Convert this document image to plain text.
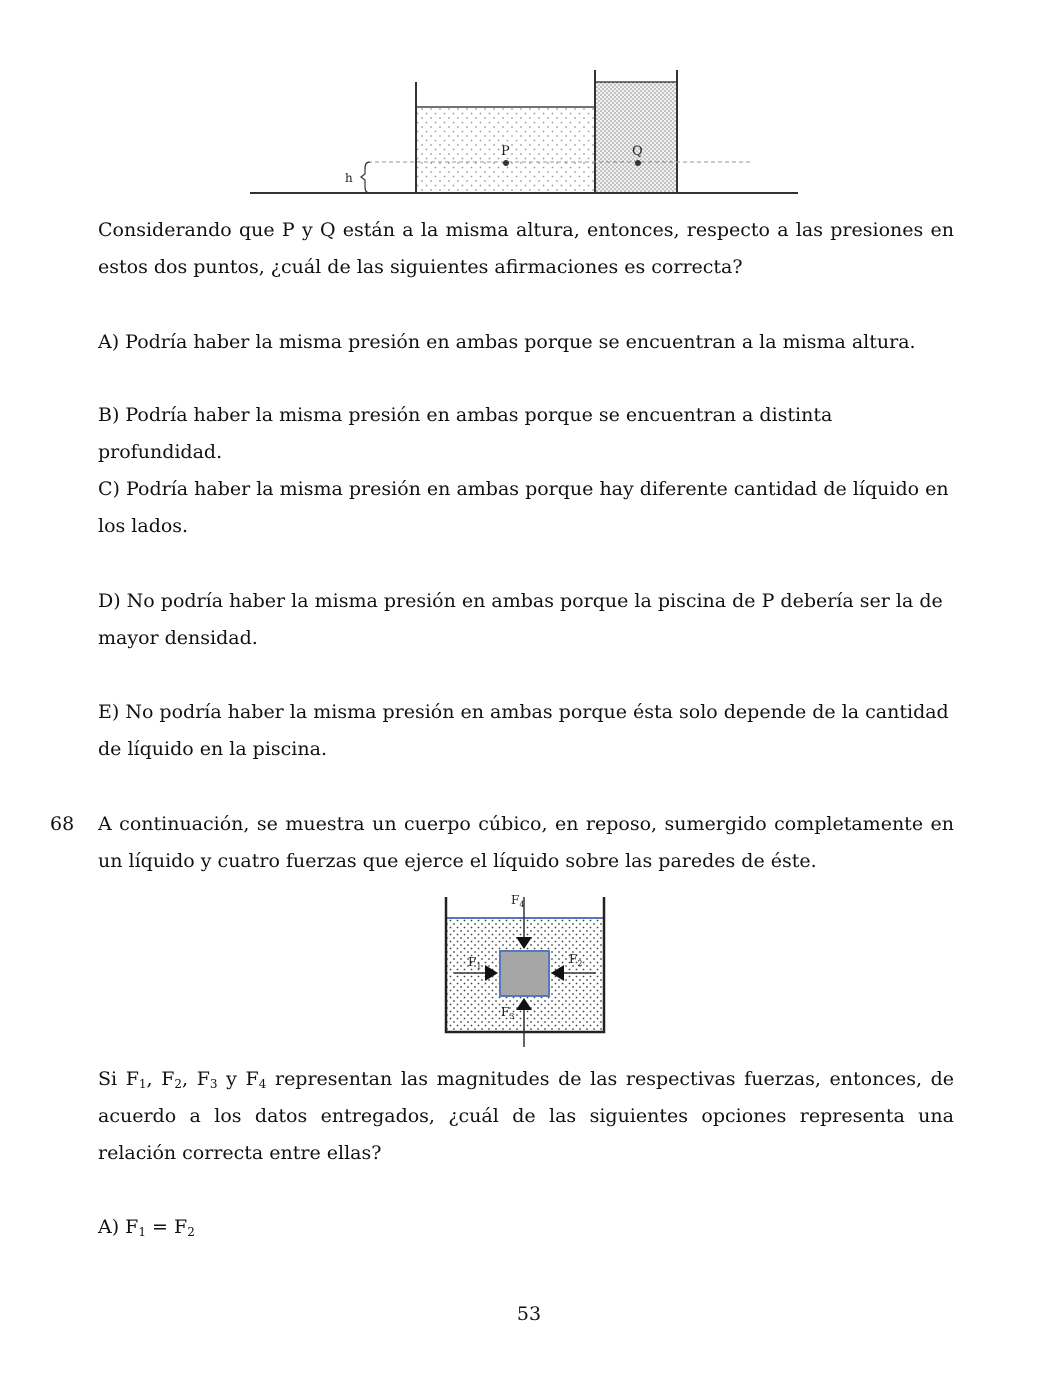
h
P	Q

Considerando que P y Q están a la misma altura, entonces, respecto a las presiones en estos dos puntos, ¿cuál de las siguientes afirmaciones es correcta?

A) Podría haber la misma presión en ambas porque se encuentran a la misma altura.

B) Podría haber la misma presión en ambas porque se encuentran a distinta profundidad.

C) Podría haber la misma presión en ambas porque hay diferente cantidad de líquido en los lados.

D) No podría haber la misma presión en ambas porque la piscina de P debería ser la de mayor densidad.

E) No podría haber la misma presión en ambas porque ésta solo depende de la cantidad de líquido en la piscina.

68 A continuación, se muestra un cuerpo cúbico, en reposo, sumergido completamente en un líquido y cuatro fuerzas que ejerce el líquido sobre las paredes de éste.

$F_4$
$F_1$
$F_2$
$F_3$

Si $F_1$, $F_2$, $F_3$ y $F_4$ representan las magnitudes de las respectivas fuerzas, entonces, de acuerdo a los datos entregados, ¿cuál de las siguientes opciones representa una relación correcta entre ellas?

A) $F_1 = F_2$

53
